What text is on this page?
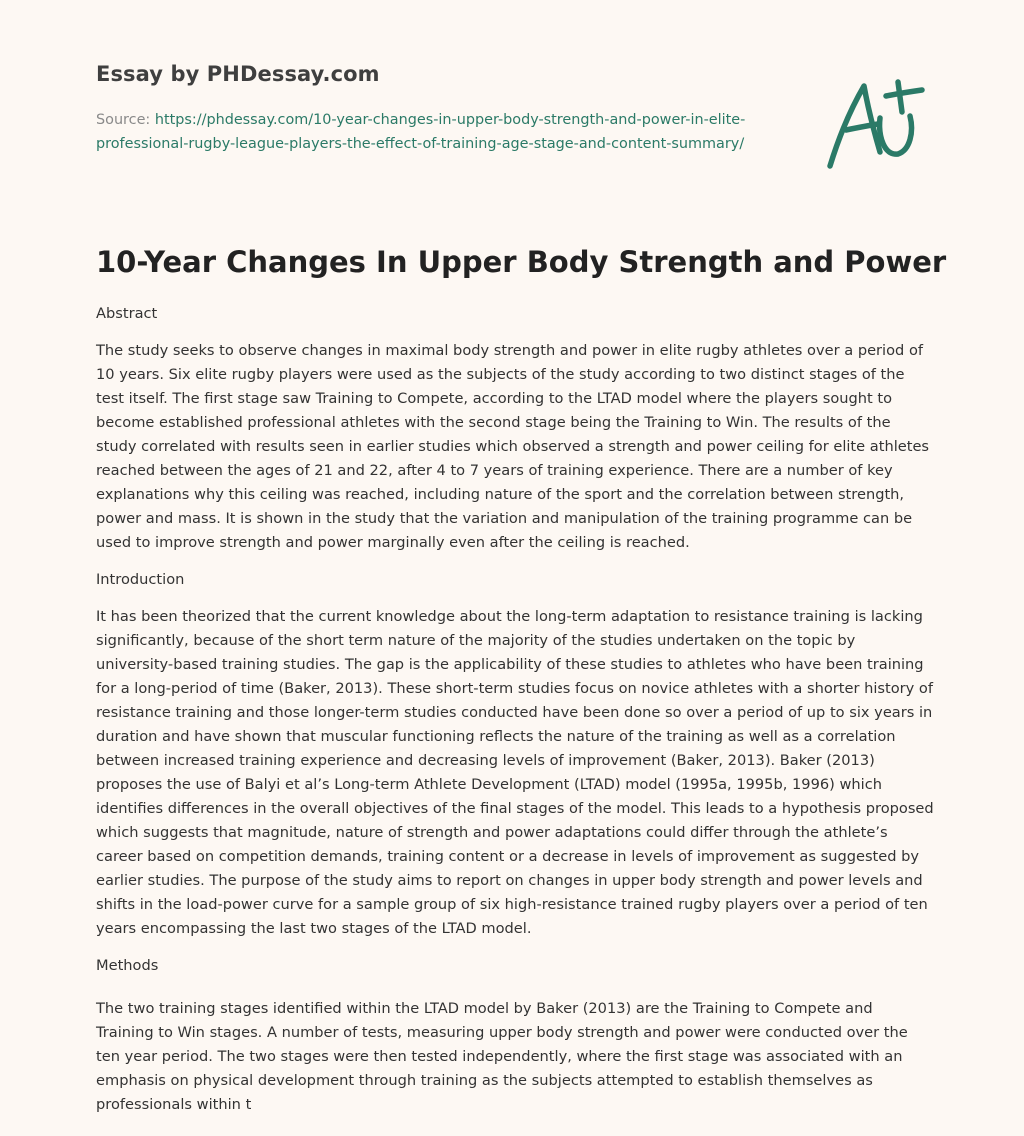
Essay by PHDessay.com
Source: https://phdessay.com/10-year-changes-in-upper-body-strength-and-power-in-elite-professional-rugby-league-players-the-effect-of-training-age-stage-and-content-summary/
10-Year Changes In Upper Body Strength and Power
Abstract

The study seeks to observe changes in maximal body strength and power in elite rugby athletes over a period of 10 years. Six elite rugby players were used as the subjects of the study according to two distinct stages of the test itself. The first stage saw Training to Compete, according to the LTAD model where the players sought to become established professional athletes with the second stage being the Training to Win. The results of the study correlated with results seen in earlier studies which observed a strength and power ceiling for elite athletes reached between the ages of 21 and 22, after 4 to 7 years of training experience. There are a number of key explanations why this ceiling was reached, including nature of the sport and the correlation between strength, power and mass. It is shown in the study that the variation and manipulation of the training programme can be used to improve strength and power marginally even after the ceiling is reached.

Introduction

It has been theorized that the current knowledge about the long-term adaptation to resistance training is lacking significantly, because of the short term nature of the majority of the studies undertaken on the topic by university-based training studies. The gap is the applicability of these studies to athletes who have been training for a long-period of time (Baker, 2013). These short-term studies focus on novice athletes with a shorter history of resistance training and those longer-term studies conducted have been done so over a period of up to six years in duration and have shown that muscular functioning reflects the nature of the training as well as a correlation between increased training experience and decreasing levels of improvement (Baker, 2013). Baker (2013) proposes the use of Balyi et al’s Long-term Athlete Development (LTAD) model (1995a, 1995b, 1996) which identifies differences in the overall objectives of the final stages of the model. This leads to a hypothesis proposed which suggests that magnitude, nature of strength and power adaptations could differ through the athlete’s career based on competition demands, training content or a decrease in levels of improvement as suggested by earlier studies. The purpose of the study aims to report on changes in upper body strength and power levels and shifts in the load-power curve for a sample group of six high-resistance trained rugby players over a period of ten years encompassing the last two stages of the LTAD model.

Methods

The two training stages identified within the LTAD model by Baker (2013) are the Training to Compete and Training to Win stages. A number of tests, measuring upper body strength and power were conducted over the ten year period. The two stages were then tested independently, where the first stage was associated with an emphasis on physical development through training as the subjects attempted to establish themselves as professionals within t
